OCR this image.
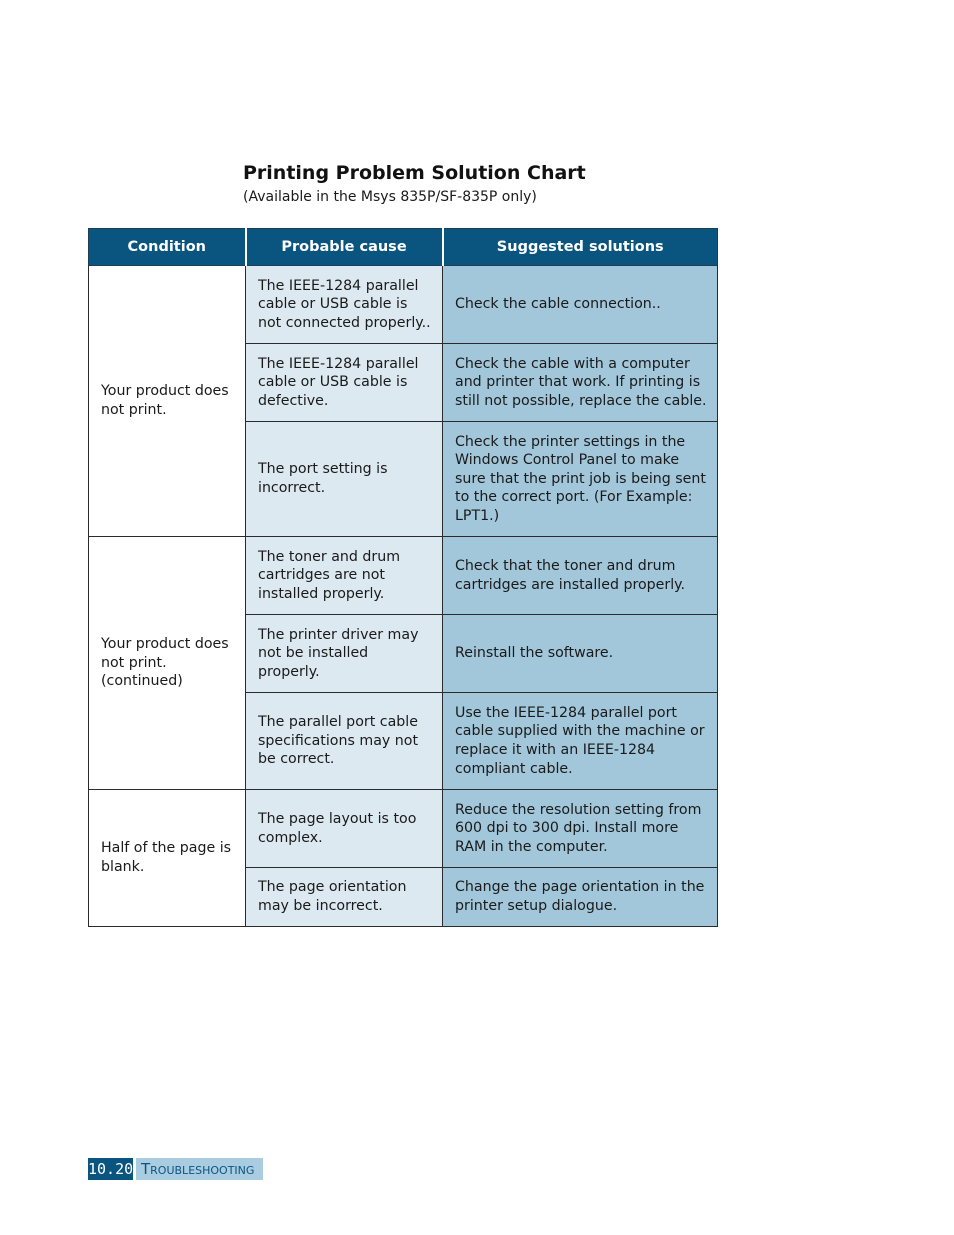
Printing Problem Solution Chart
(Available in the Msys 835P/SF-835P only)
Condition	Probable cause	Suggested solutions
Your product does not print.	The IEEE-1284 parallel cable or USB cable is not connected properly..	Check the cable connection..
	The IEEE-1284 parallel cable or USB cable is defective.	Check the cable with a computer and printer that work. If printing is still not possible, replace the cable.
	The port setting is incorrect.	Check the printer settings in the Windows Control Panel to make sure that the print job is being sent to the correct port. (For Example: LPT1.)
Your product does not print. (continued)	The toner and drum cartridges are not installed properly.	Check that the toner and drum cartridges are installed properly.
	The printer driver may not be installed properly.	Reinstall the software.
	The parallel port cable specifications may not be correct.	Use the IEEE-1284 parallel port cable supplied with the machine or replace it with an IEEE-1284 compliant cable.
Half of the page is blank.	The page layout is too complex.	Reduce the resolution setting from 600 dpi to 300 dpi. Install more RAM in the computer.
	The page orientation may be incorrect.	Change the page orientation in the printer setup dialogue.
10.20 Troubleshooting
